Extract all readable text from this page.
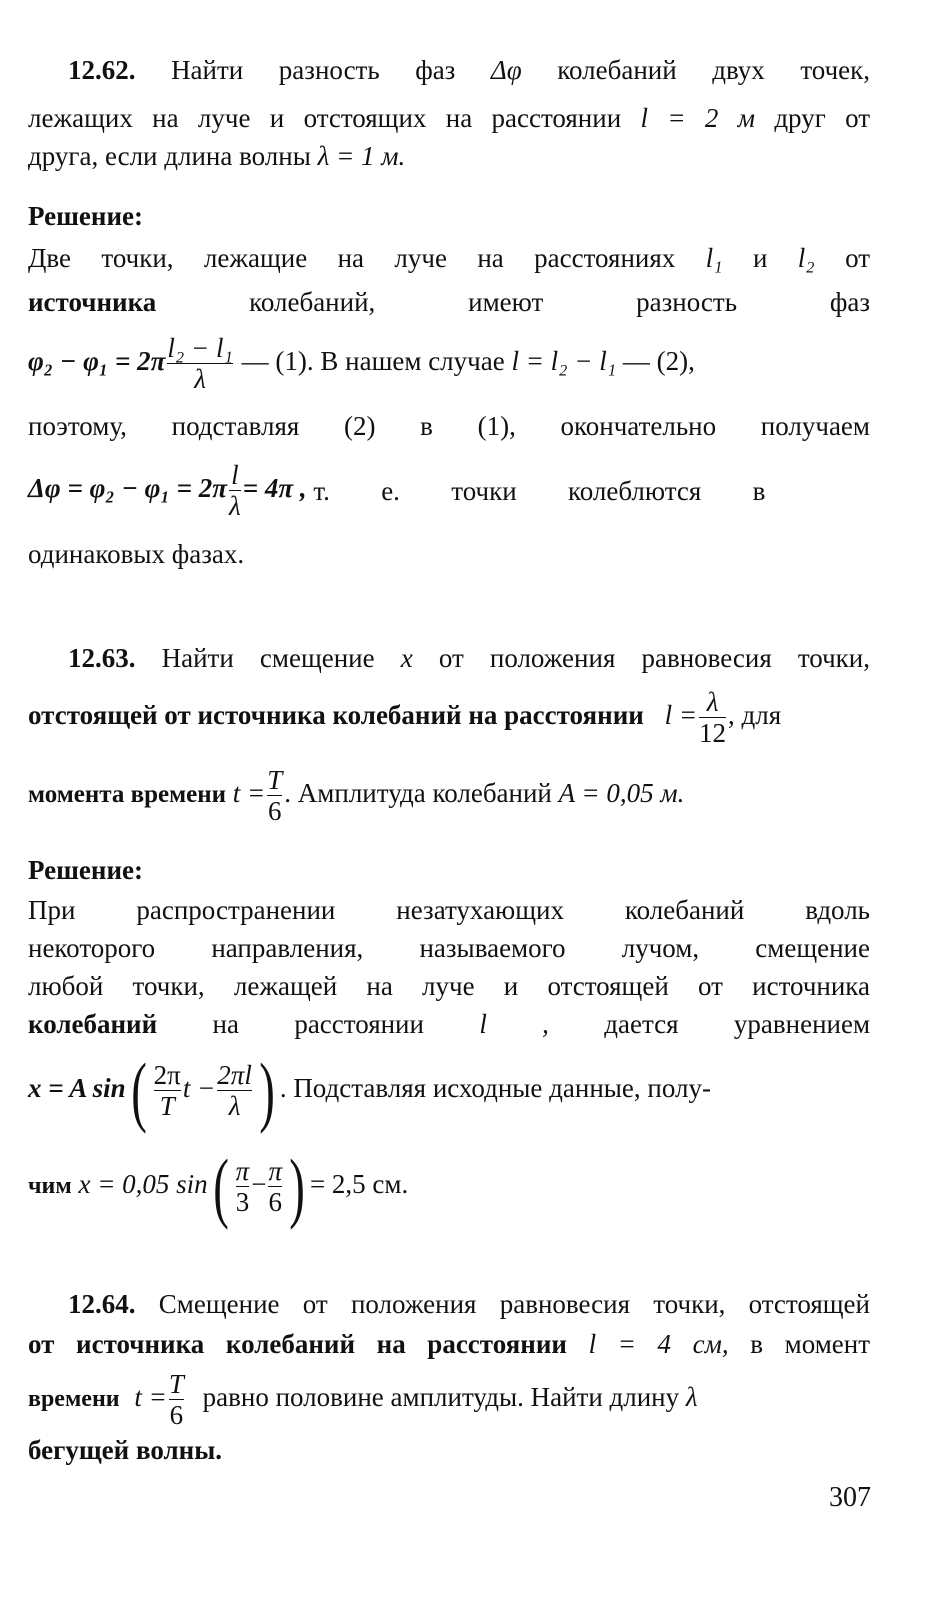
12.62. Найти разность фаз Δφ колебаний двух точек,
лежащих на луче и отстоящих на расстоянии l = 2 м друг от
друга, если длина волны λ = 1 м.
Решение:
Две точки, лежащие на луче на расстояниях l₁ и l₂ от
источника	колебаний,	имеют	разность	фаз
$\varphi_2 - \varphi_1 = 2\pi \frac{\text{l₂ − l₁}}{\lambda}$ — (1). В нашем случае l = l₂ − l₁ — (2),
поэтому, подставляя (2) в (1), окончательно получаем
$\Delta\varphi = \varphi_2 - \varphi_1 = 2\pi \frac{l}{\lambda} = 4\pi$ , т. е. точки колеблются в
одинаковых фазах.
12.63. Найти смещение x от положения равновесия точки,
отстоящей от источника колебаний на расстоянии $l = \frac{\lambda}{12}$ , для
момента времени $t = \frac{T}{6}$ . Амплитуда колебаний A = 0,05 м.
Решение:
При распространении незатухающих колебаний вдоль
некоторого направления, называемого лучом, смещение
любой точки, лежащей на луче и отстоящей от источника
колебаний на расстоянии l , дается уравнением
x = A $\sin( \frac{2\pi}{T}$ $t - \frac{2\pi l}{\lambda}$ ) . Подставляя исходные данные, полу-
чим x = 0,05 $\sin( \frac{\pi}{3} - \frac{\pi}{6}$ ) = 2,5 см.
12.64. Смещение от положения равновесия точки, отстоящей
от источника колебаний на расстоянии l = 4 см, в момент
времени $t = \frac{T}{6}$ равно половине амплитуды. Найти длину λ
бегущей волны.
307
